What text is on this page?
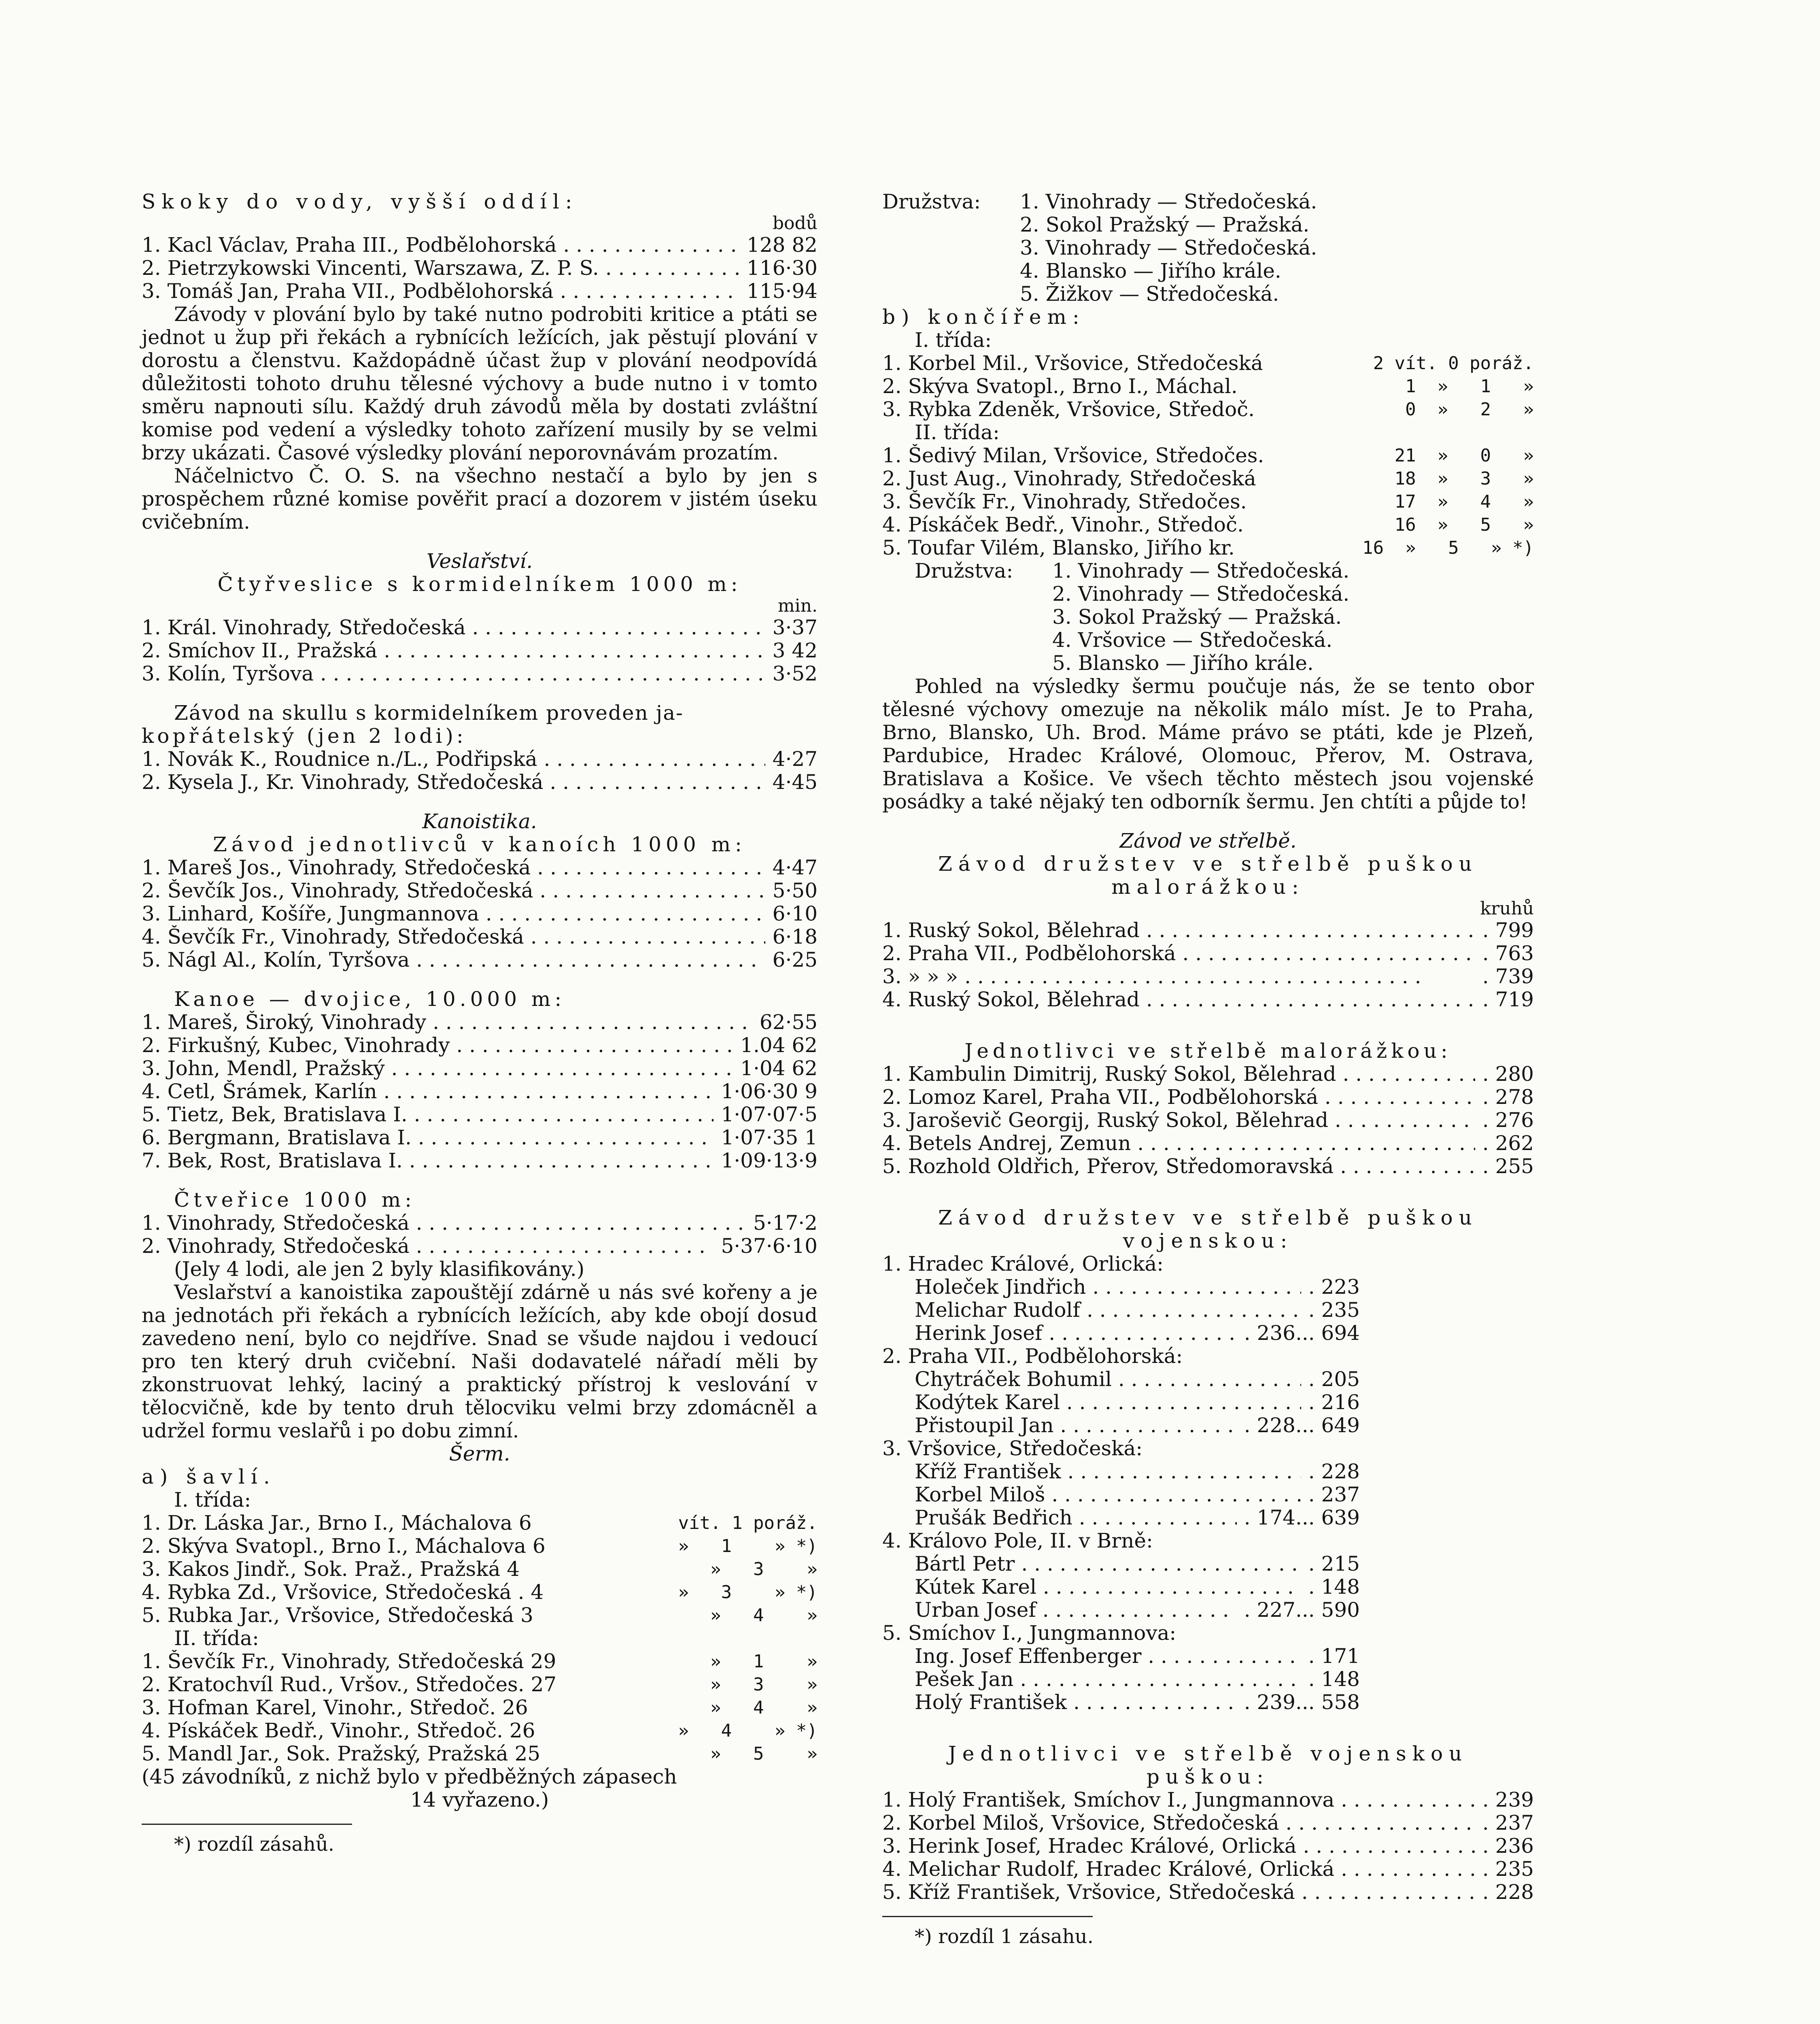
Skoky do vody, vyšší oddíl:
bodů
1. Kacl Václav, Praha III., Podbělohorská . . .	128 82
2. Pietrzykowski Vincenti, Warszawa, Z. P. S. . . .	116·30
3. Tomáš Jan, Praha VII., Podbělohorská . . .	115·94
Závody v plování bylo by také nutno podrobiti kritice a ptáti se jednot u žup při řekách a rybnících ležících, jak pěstují plování v dorostu a členstvu. Každopádně účast žup v plování neodpovídá důležitosti tohoto druhu tělesné výchovy a bude nutno i v tomto směru napnouti sílu. Každý druh závodů měla by dostati zvláštní komise pod vedení a výsledky tohoto zařízení musily by se velmi brzy ukázati. Časové výsledky plování neporovnávám prozatím.
Náčelnictvo Č. O. S. na všechno nestačí a bylo by jen s prospěchem různé komise pověřit prací a dozorem v jistém úseku cvičebním.
Veslařství.
Čtyřveslice s kormidelníkem 1000 m:
min.
1. Král. Vinohrady, Středočeská . . .	3·37
2. Smíchov II., Pražská . . .	3 42
3. Kolín, Tyršova . . .	3·52
Závod na skullu s kormidelníkem proveden ja-
kopřátelský (jen 2 lodi):
1. Novák K., Roudnice n./L., Podřipská . . .	4·27
2. Kysela J., Kr. Vinohrady, Středočeská . . .	4·45
Kanoistika.
Závod jednotlivců v kanoích 1000 m:
1. Mareš Jos., Vinohrady, Středočeská . . .	4·47
2. Ševčík Jos., Vinohrady, Středočeská . . .	5·50
3. Linhard, Košíře, Jungmannova . . .	6·10
4. Ševčík Fr., Vinohrady, Středočeská . . .	6·18
5. Nágl Al., Kolín, Tyršova . . .	6·25
Kanoe — dvojice, 10.000 m:
1. Mareš, Široký, Vinohrady . . .	62·55
2. Firkušný, Kubec, Vinohrady . . .	1.04 62
3. John, Mendl, Pražský . . .	1·04 62
4. Cetl, Šrámek, Karlín . . .	1·06·30 9
5. Tietz, Bek, Bratislava I. . . .	1·07·07·5
6. Bergmann, Bratislava I. . . .	1·07·35 1
7. Bek, Rost, Bratislava I. . . .	1·09·13·9
Čtveřice 1000 m:
1. Vinohrady, Středočeská . . .	5·17·2
2. Vinohrady, Středočeská . . .	5·37·6·10
(Jely 4 lodi, ale jen 2 byly klasifikovány.)
Veslařství a kanoistika zapouštějí zdárně u nás své kořeny a je na jednotách při řekách a rybnících ležících, aby kde obojí dosud zavedeno není, bylo co nejdříve. Snad se všude najdou i vedoucí pro ten který druh cvičební. Naši dodavatelé nářadí měli by zkonstruovat lehký, laciný a praktický přístroj k veslování v tělocvičně, kde by tento druh tělocviku velmi brzy zdomácněl a udržel formu veslařů i po dobu zimní.
Šerm.
a) šavlí.
I. třída:
1. Dr. Láska Jar., Brno I., Máchalova 6	vít. 1 poráž.
2. Skýva Svatopl., Brno I., Máchalova 6	»   1    » *)
3. Kakos Jindř., Sok. Praž., Pražská 4	»   3    »
4. Rybka Zd., Vršovice, Středočeská . 4	»   3    » *)
5. Rubka Jar., Vršovice, Středočeská 3	»   4    »
II. třída:
1. Ševčík Fr., Vinohrady, Středočeská 29	»   1    »
2. Kratochvíl Rud., Vršov., Středočes. 27	»   3    »
3. Hofman Karel, Vinohr., Středoč. 26	»   4    »
4. Pískáček Bedř., Vinohr., Středoč. 26	»   4    » *)
5. Mandl Jar., Sok. Pražský, Pražská 25	»   5    »
(45 závodníků, z nichž bylo v předběžných zápasech
14 vyřazeno.)
*) rozdíl zásahů.
Družstva:	1. Vinohrady — Středočeská.
2. Sokol Pražský — Pražská.
3. Vinohrady — Středočeská.
4. Blansko — Jiřího krále.
5. Žižkov — Středočeská.
b) končířem:
I. třída:
1. Korbel Mil., Vršovice, Středočeská	2 vít. 0 poráž.
2. Skýva Svatopl., Brno I., Máchal.	1  »   1   »
3. Rybka Zdeněk, Vršovice, Středoč.	0  »   2   »
II. třída:
1. Šedivý Milan, Vršovice, Středočes.	21  »   0   »
2. Just Aug., Vinohrady, Středočeská	18  »   3   »
3. Ševčík Fr., Vinohrady, Středočes.	17  »   4   »
4. Pískáček Bedř., Vinohr., Středoč.	16  »   5   »
5. Toufar Vilém, Blansko, Jiřího kr.	16  »   5   » *)
Družstva:	1. Vinohrady — Středočeská.
2. Vinohrady — Středočeská.
3. Sokol Pražský — Pražská.
4. Vršovice — Středočeská.
5. Blansko — Jiřího krále.
Pohled na výsledky šermu poučuje nás, že se tento obor tělesné výchovy omezuje na několik málo míst. Je to Praha, Brno, Blansko, Uh. Brod. Máme právo se ptáti, kde je Plzeň, Pardubice, Hradec Králové, Olomouc, Přerov, M. Ostrava, Bratislava a Košice. Ve všech těchto městech jsou vojenské posádky a také nějaký ten odborník šermu. Jen chtíti a půjde to!
Závod ve střelbě.
Závod družstev ve střelbě puškou
malorážkou:
kruhů
1. Ruský Sokol, Bělehrad . . .	. 799
2. Praha VII., Podbělohorská . . .	. 763
3. » » » . . .	. 739
4. Ruský Sokol, Bělehrad . . .	. 719
Jednotlivci ve střelbě malorážkou:
1. Kambulin Dimitrij, Ruský Sokol, Bělehrad . . .	. 280
2. Lomoz Karel, Praha VII., Podbělohorská . . .	. 278
3. Jaroševič Georgij, Ruský Sokol, Bělehrad . . .	. 276
4. Betels Andrej, Zemun . . .	. 262
5. Rozhold Oldřich, Přerov, Středomoravská . . .	. 255
Závod družstev ve střelbě puškou
vojenskou:
1. Hradec Králové, Orlická:
Holeček Jindřich . . .	. 223
Melichar Rudolf . . .	. 235
Herink Josef . . .	. 236... 694
2. Praha VII., Podbělohorská:
Chytráček Bohumil . . .	. 205
Kodýtek Karel . . .	. 216
Přistoupil Jan . . .	. 228... 649
3. Vršovice, Středočeská:
Kříž František . . .	. 228
Korbel Miloš . . .	. 237
Prušák Bedřich . . .	. 174... 639
4. Královo Pole, II. v Brně:
Bártl Petr . . .	. 215
Kútek Karel . . .	. 148
Urban Josef . . .	. 227... 590
5. Smíchov I., Jungmannova:
Ing. Josef Effenberger . . .	. 171
Pešek Jan . . .	. 148
Holý František . . .	. 239... 558
Jednotlivci ve střelbě vojenskou
puškou:
1. Holý František, Smíchov I., Jungmannova . . .	. 239
2. Korbel Miloš, Vršovice, Středočeská . . .	. 237
3. Herink Josef, Hradec Králové, Orlická . . .	. 236
4. Melichar Rudolf, Hradec Králové, Orlická . . .	. 235
5. Kříž František, Vršovice, Středočeská . . .	. 228
*) rozdíl 1 zásahu.
